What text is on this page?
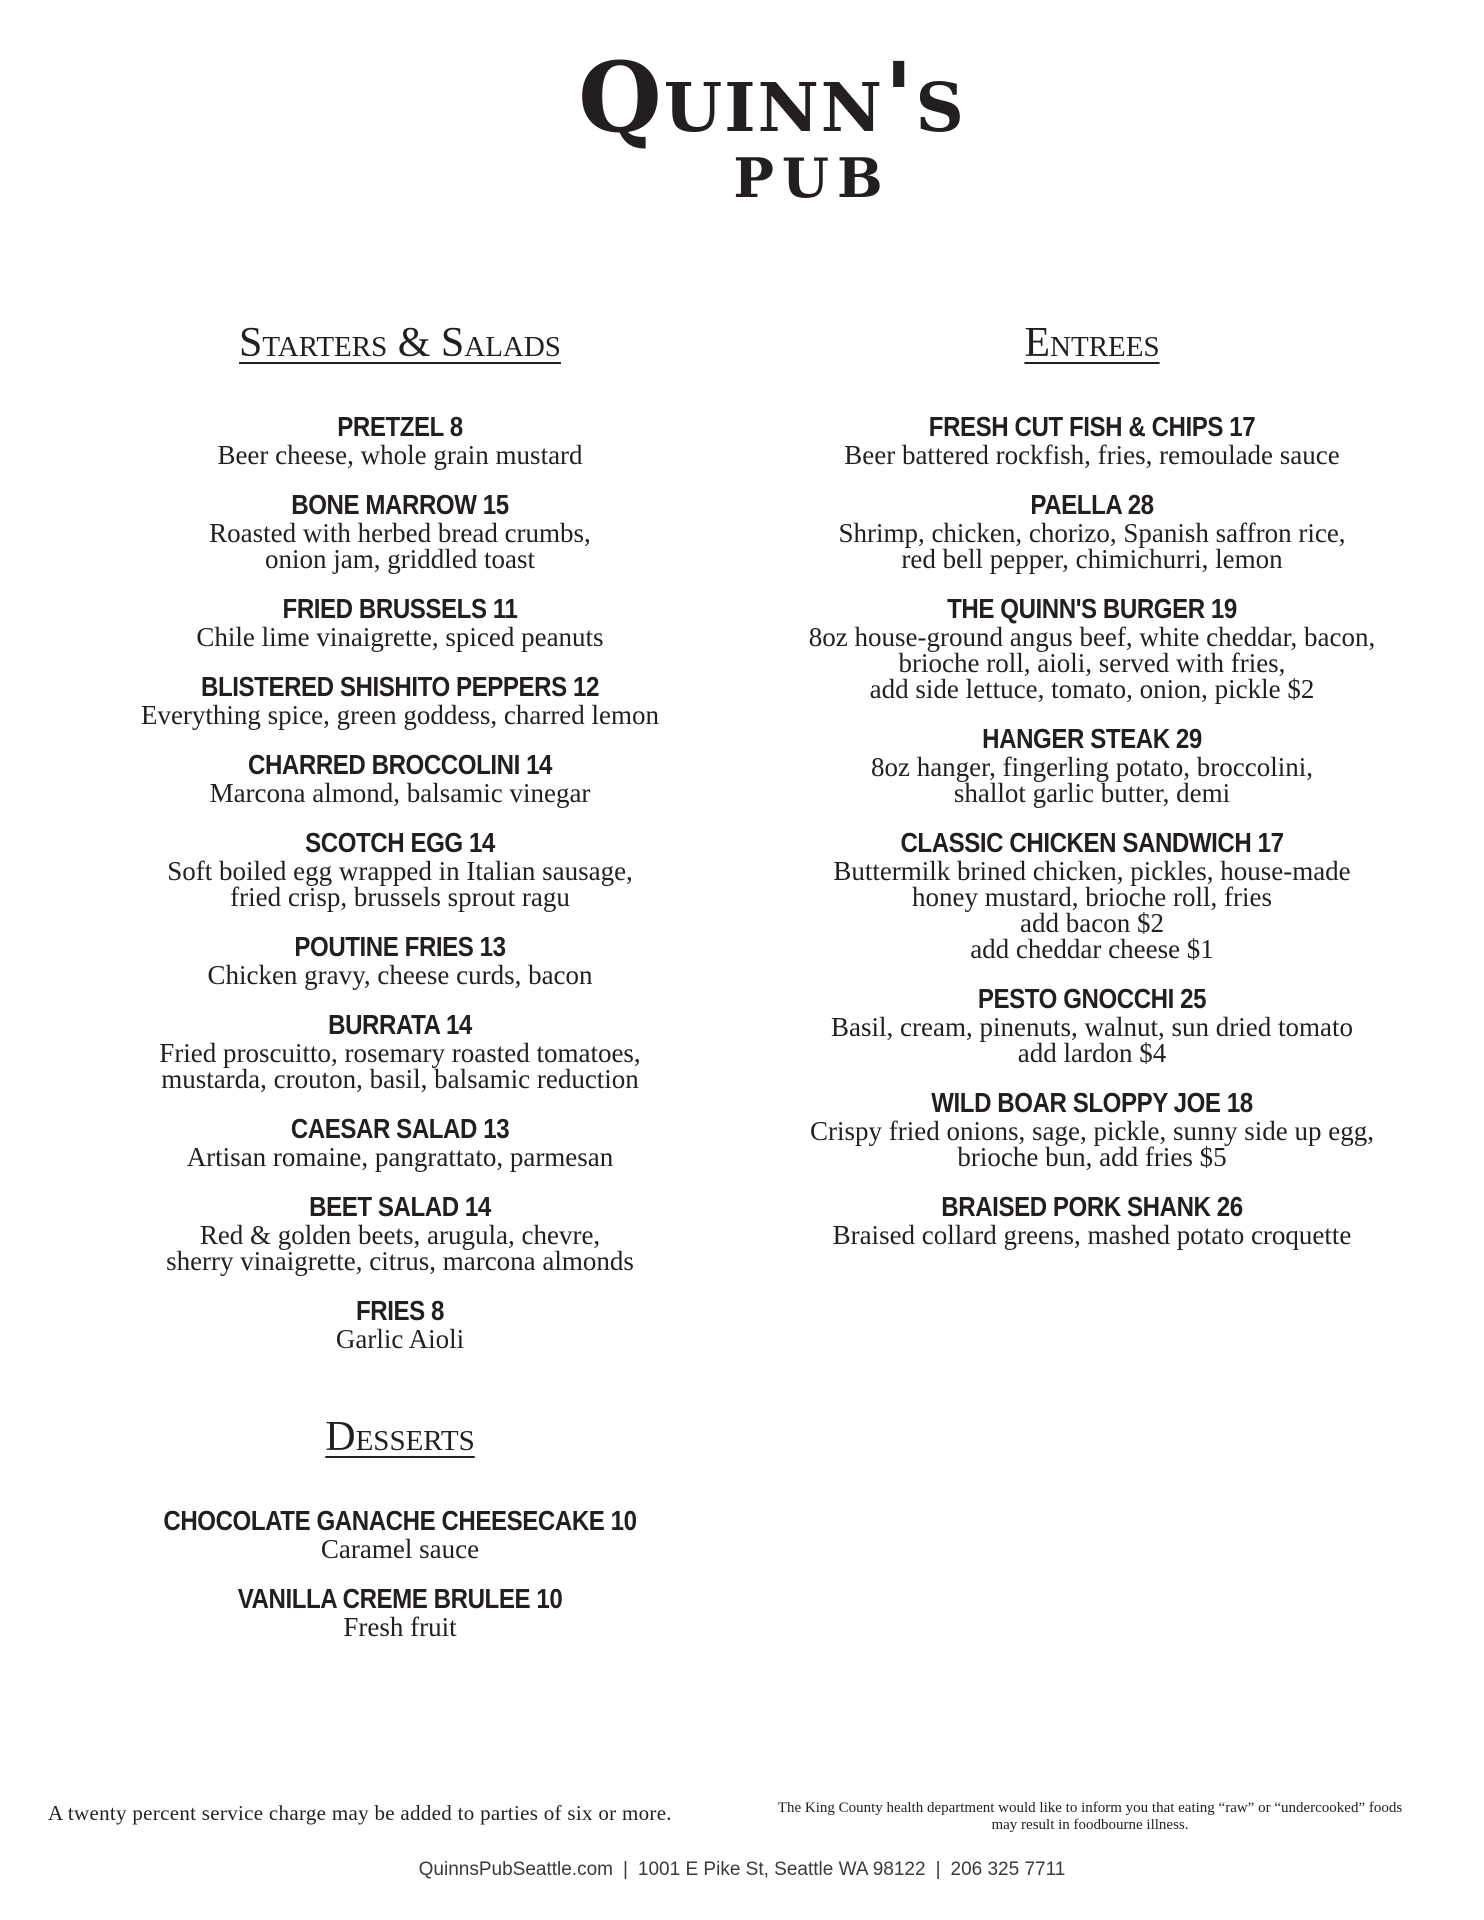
Quinn's
PUB
Starters & Salads
PRETZEL 8
Beer cheese, whole grain mustard
BONE MARROW 15
Roasted with herbed bread crumbs,
onion jam, griddled toast
FRIED BRUSSELS 11
Chile lime vinaigrette, spiced peanuts
BLISTERED SHISHITO PEPPERS 12
Everything spice, green goddess, charred lemon
CHARRED BROCCOLINI 14
Marcona almond, balsamic vinegar
SCOTCH EGG 14
Soft boiled egg wrapped in Italian sausage,
fried crisp, brussels sprout ragu
POUTINE FRIES 13
Chicken gravy, cheese curds, bacon
BURRATA 14
Fried proscuitto, rosemary roasted tomatoes,
mustarda, crouton, basil, balsamic reduction
CAESAR SALAD 13
Artisan romaine, pangrattato, parmesan
BEET SALAD 14
Red & golden beets, arugula, chevre,
sherry vinaigrette, citrus, marcona almonds
FRIES 8
Garlic Aioli
Desserts
CHOCOLATE GANACHE CHEESECAKE 10
Caramel sauce
VANILLA CREME BRULEE 10
Fresh fruit
Entrees
FRESH CUT FISH & CHIPS 17
Beer battered rockfish, fries, remoulade sauce
PAELLA 28
Shrimp, chicken, chorizo, Spanish saffron rice,
red bell pepper, chimichurri, lemon
THE QUINN'S BURGER 19
8oz house-ground angus beef, white cheddar, bacon,
brioche roll, aioli, served with fries,
add side lettuce, tomato, onion, pickle $2
HANGER STEAK 29
8oz hanger, fingerling potato, broccolini,
shallot garlic butter, demi
CLASSIC CHICKEN SANDWICH 17
Buttermilk brined chicken, pickles, house-made
honey mustard, brioche roll, fries
add bacon $2
add cheddar cheese $1
PESTO GNOCCHI 25
Basil, cream, pinenuts, walnut, sun dried tomato
add lardon $4
WILD BOAR SLOPPY JOE 18
Crispy fried onions, sage, pickle, sunny side up egg,
brioche bun, add fries $5
BRAISED PORK SHANK 26
Braised collard greens, mashed potato croquette
A twenty percent service charge may be added to parties of six or more.	The King County health department would like to inform you that eating “raw” or “undercooked” foods may result in foodbourne illness.
QuinnsPubSeattle.com | 1001 E Pike St, Seattle WA 98122 | 206 325 7711
